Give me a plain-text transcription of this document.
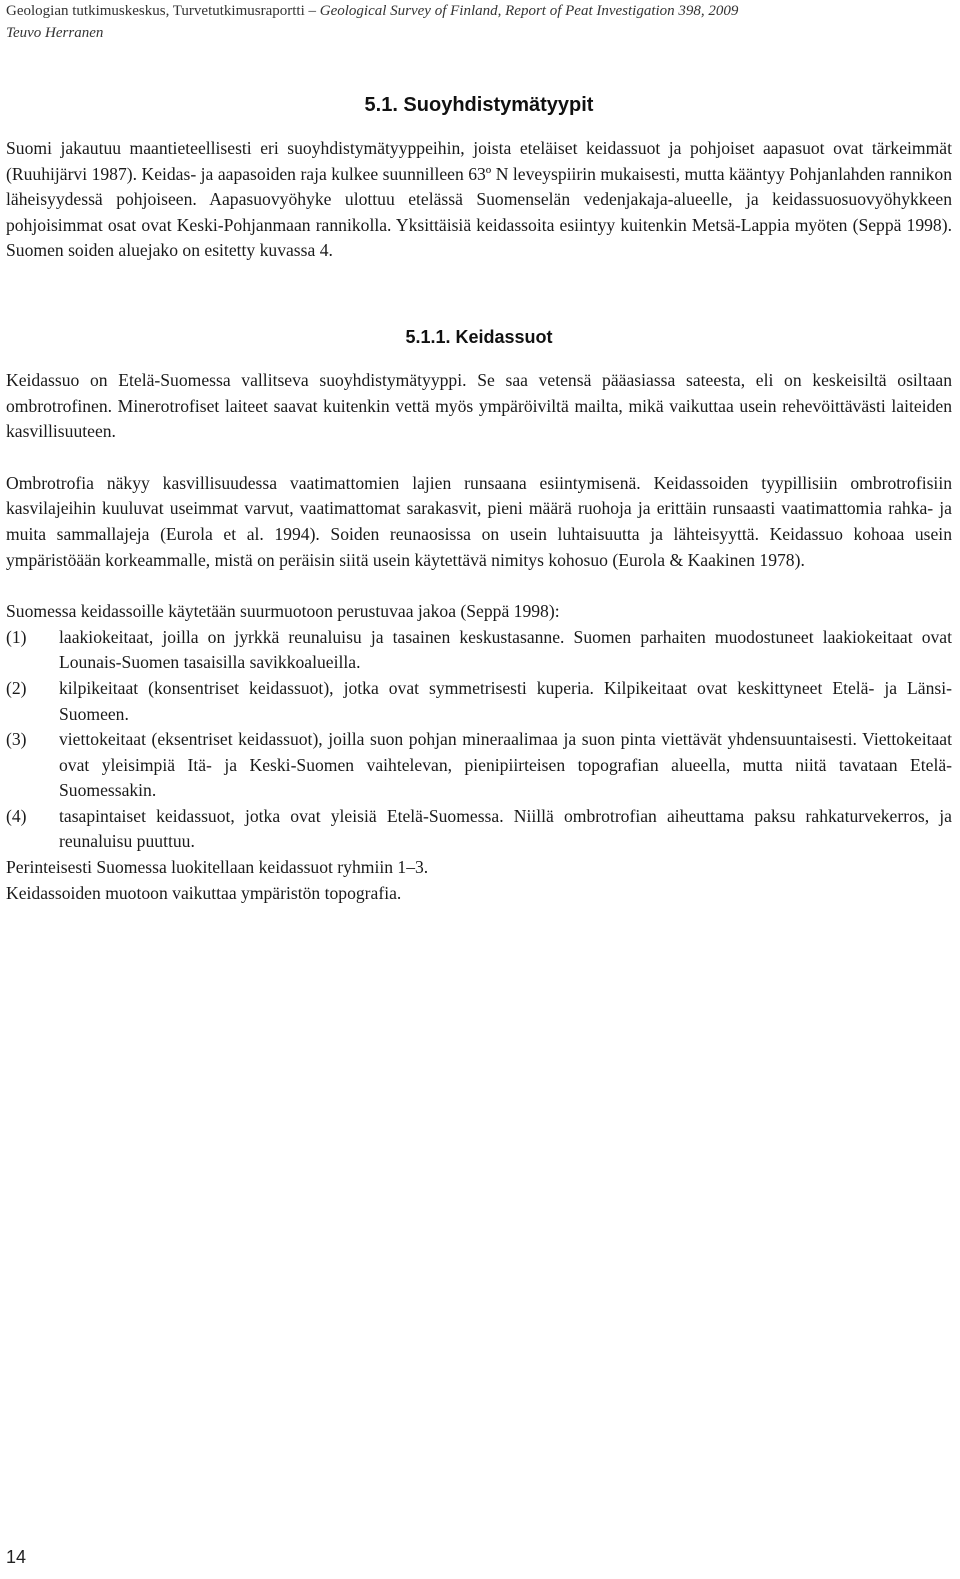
Geologian tutkimuskeskus, Turvetutkimusraportti – Geological Survey of Finland, Report of Peat Investigation 398, 2009
Teuvo Herranen
5.1. Suoyhdistymätyypit

Suomi jakautuu maantieteellisesti eri suoyhdistymätyyppeihin, joista eteläiset keidassuot ja pohjoiset aapasuot ovat tärkeimmät (Ruuhijärvi 1987). Keidas- ja aapasoiden raja kulkee suunnilleen 63º N leveyspiirin mukaisesti, mutta kääntyy Pohjanlahden rannikon läheisyydessä pohjoiseen. Aapasuovyöhyke ulottuu etelässä Suomenselän vedenjakaja-alueelle, ja keidassuosuovyöhykkeen pohjoisimmat osat ovat Keski-Pohjanmaan rannikolla. Yksittäisiä keidassoita esiintyy kuitenkin Metsä-Lappia myöten (Seppä 1998). Suomen soiden aluejako on esitetty kuvassa 4.

5.1.1. Keidassuot

Keidassuo on Etelä-Suomessa vallitseva suoyhdistymätyyppi. Se saa vetensä pääasiassa sateesta, eli on keskeisiltä osiltaan ombrotrofinen. Minerotrofiset laiteet saavat kuitenkin vettä myös ympäröiviltä mailta, mikä vaikuttaa usein rehevöittävästi laiteiden kasvillisuuteen.

Ombrotrofia näkyy kasvillisuudessa vaatimattomien lajien runsaana esiintymisenä. Keidassoiden tyypillisiin ombrotrofisiin kasvilajeihin kuuluvat useimmat varvut, vaatimattomat sarakasvit, pieni määrä ruohoja ja erittäin runsaasti vaatimattomia rahka- ja muita sammallajeja (Eurola et al. 1994). Soiden reunaosissa on usein luhtaisuutta ja lähteisyyttä. Keidassuo kohoaa usein ympäristöään korkeammalle, mistä on peräisin siitä usein käytettävä nimitys kohosuo (Eurola & Kaakinen 1978).

Suomessa keidassoille käytetään suurmuotoon perustuvaa jakoa (Seppä 1998):

(1) laakiokeitaat, joilla on jyrkkä reunaluisu ja tasainen keskustasanne. Suomen parhaiten muodostuneet laakiokeitaat ovat Lounais-Suomen tasaisilla savikkoalueilla.
(2) kilpikeitaat (konsentriset keidassuot), jotka ovat symmetrisesti kuperia. Kilpikeitaat ovat keskittyneet Etelä- ja Länsi-Suomeen.
(3) viettokeitaat (eksentriset keidassuot), joilla suon pohjan mineraalimaa ja suon pinta viettävät yhdensuuntaisesti. Viettokeitaat ovat yleisimpiä Itä- ja Keski-Suomen vaihtelevan, pienipiirteisen topografian alueella, mutta niitä tavataan Etelä-Suomessakin.
(4) tasapintaiset keidassuot, jotka ovat yleisiä Etelä-Suomessa. Niillä ombrotrofian aiheuttama paksu rahkaturvekerros, ja reunaluisu puuttuu.

Perinteisesti Suomessa luokitellaan keidassuot ryhmiin 1–3.

Keidassoiden muotoon vaikuttaa ympäristön topografia.

14
